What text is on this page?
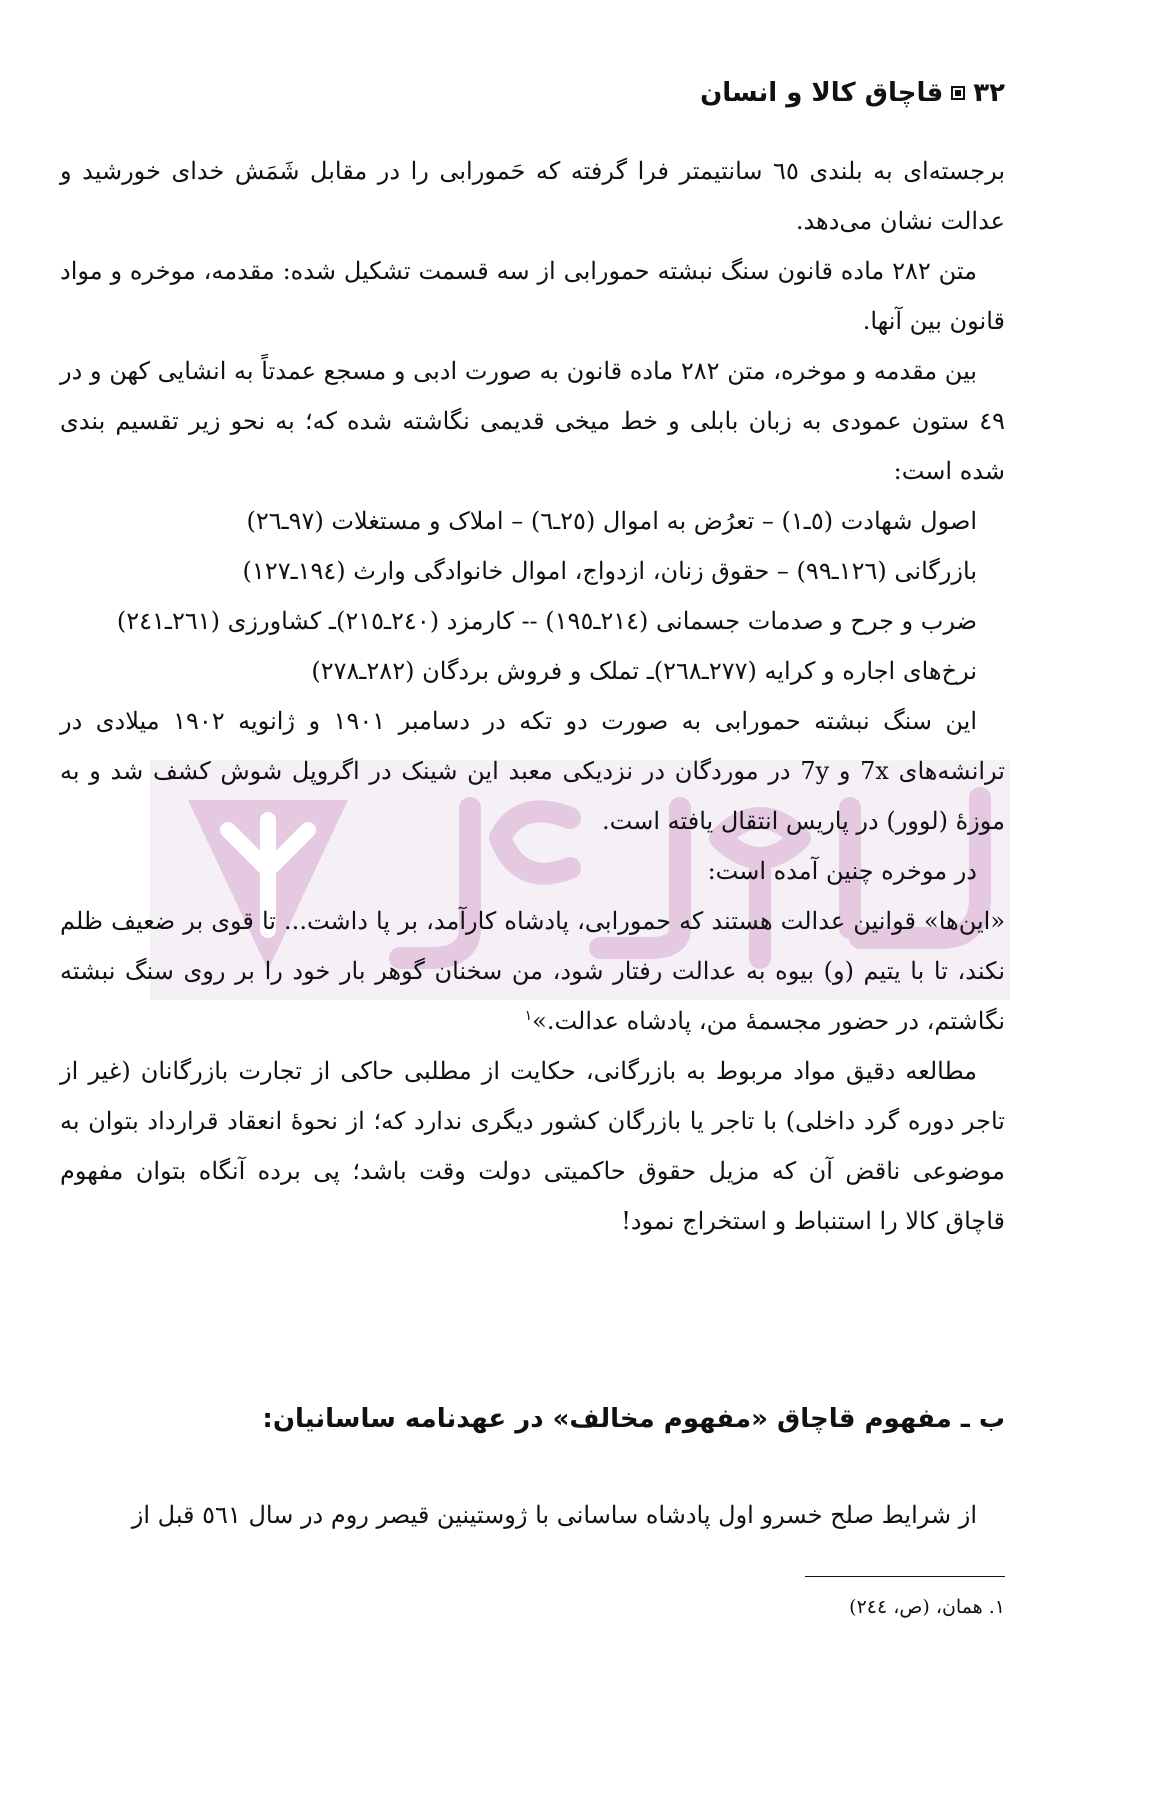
۳۲
قاچاق کالا و انسان

برجسته‌ای به بلندی ٦٥ سانتیمتر فرا گرفته که حَمورابی را در مقابل شَمَش خدای خورشید و عدالت نشان می‌دهد.

متن ٢٨٢ ماده قانون سنگ نبشته حمورابی از سه قسمت تشکیل شده: مقدمه، موخره و مواد قانون بین آنها.

بین مقدمه و موخره، متن ٢٨٢ ماده قانون به صورت ادبی و مسجع عمدتاً به انشایی کهن و در ٤٩ ستون عمودی به زبان بابلی و خط میخی قدیمی نگاشته شده که؛ به نحو زیر تقسیم بندی شده است:

اصول شهادت (٥ـ١) – تعرُض به اموال (٢٥ـ٦) – املاک و مستغلات (٩٧ـ٢٦)

بازرگانی (١٢٦ـ٩٩) – حقوق زنان، ازدواج، اموال خانوادگی وارث (١٩٤ـ١٢٧)

ضرب و جرح و صدمات جسمانی (٢١٤ـ١٩٥) -- کارمزد (٢٤٠ـ٢١٥)ـ کشاورزی (٢٦١ـ٢٤١)

نرخ‌های اجاره و کرایه (٢٧٧ـ٢٦٨)ـ تملک و فروش بردگان (٢٨٢ـ٢٧٨)

این سنگ نبشته حمورابی به صورت دو تکه در دسامبر ۱۹۰۱ و ژانویه ۱۹۰۲ میلادی در ترانشه‌های 7x و 7y در موردگان در نزدیکی معبد این شینک در اگروپل شوش کشف شد و به موزهٔ (لوور) در پاریس انتقال یافته است.

در موخره چنین آمده است:

«این‌ها» قوانین عدالت هستند که حمورابی، پادشاه کارآمد، بر پا داشت... تا قوی بر ضعیف ظلم نکند، تا با یتیم (و) بیوه به عدالت رفتار شود، من سخنان گوهر بار خود را بر روی سنگ نبشته نگاشتم، در حضور مجسمهٔ من، پادشاه عدالت.»$^۱$

مطالعه دقیق مواد مربوط به بازرگانی، حکایت از مطلبی حاکی از تجارت بازرگانان (غیر از تاجر دوره گرد داخلی) با تاجر یا بازرگان کشور دیگری ندارد که؛ از نحوهٔ انعقاد قرارداد بتوان به موضوعی ناقض آن که مزیل حقوق حاکمیتی دولت وقت باشد؛ پی برده آنگاه بتوان مفهوم قاچاق کالا را استنباط و استخراج نمود!

ب ـ مفهوم قاچاق «مفهوم مخالف» در عهدنامه ساسانیان:

از شرایط صلح خسرو اول پادشاه ساسانی با ژوستینین قیصر روم در سال ٥٦١ قبل از

۱. همان، (ص، ٢٤٤)
